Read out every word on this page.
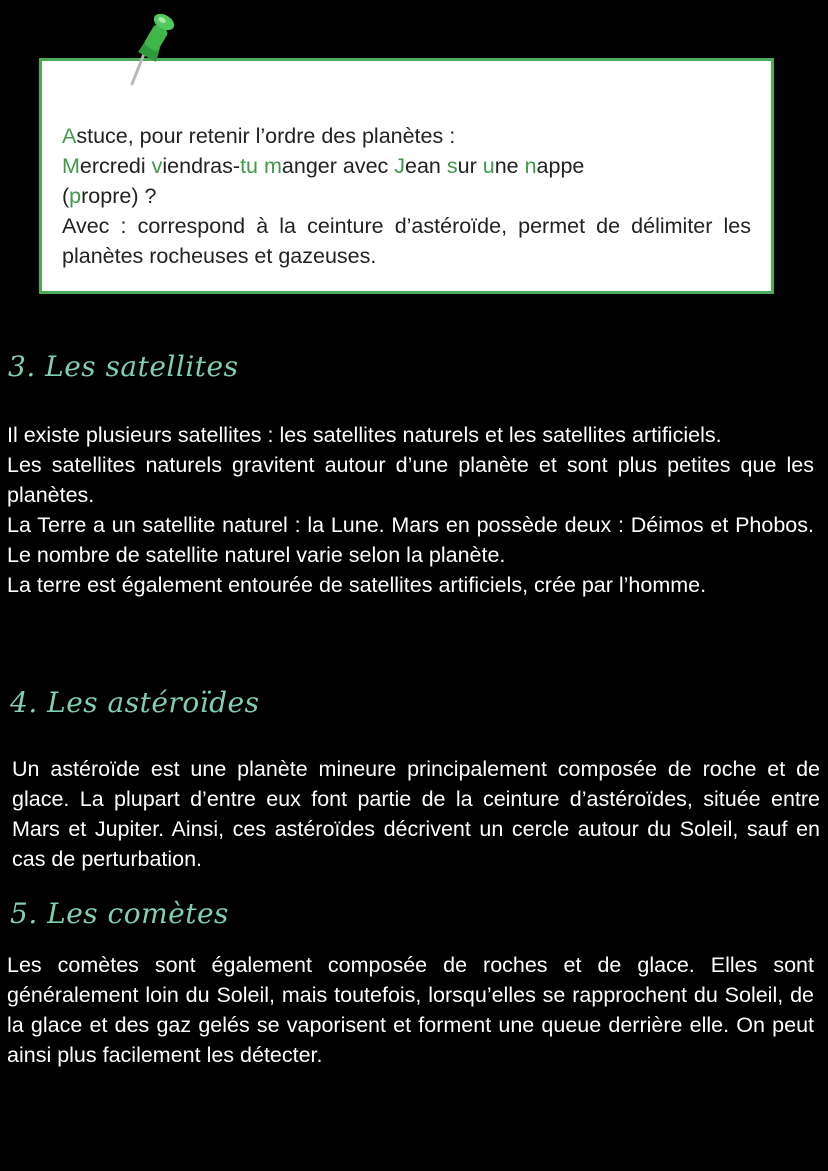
Astuce, pour retenir l’ordre des planètes :

Mercredi viendras-tu manger avec Jean sur une nappe
(propre) ?

Avec : correspond à la ceinture d’astéroïde, permet de délimiter les planètes rocheuses et gazeuses.

3. Les satellites

Il existe plusieurs satellites : les satellites naturels et les satellites artificiels.

Les satellites naturels gravitent autour d’une planète et sont plus petites que les planètes.

La Terre a un satellite naturel : la Lune. Mars en possède deux : Déimos et Phobos. Le nombre de satellite naturel varie selon la planète.

La terre est également entourée de satellites artificiels, crée par l’homme.

4. Les astéroïdes

Un astéroïde est une planète mineure principalement composée de roche et de glace. La plupart d’entre eux font partie de la ceinture d’astéroïdes, située entre Mars et Jupiter. Ainsi, ces astéroïdes décrivent un cercle autour du Soleil, sauf en cas de perturbation.

5. Les comètes

Les comètes sont également composée de roches et de glace. Elles sont généralement loin du Soleil, mais toutefois, lorsqu’elles se rapprochent du Soleil, de la glace et des gaz gelés se vaporisent et forment une queue derrière elle. On peut ainsi plus facilement les détecter.
